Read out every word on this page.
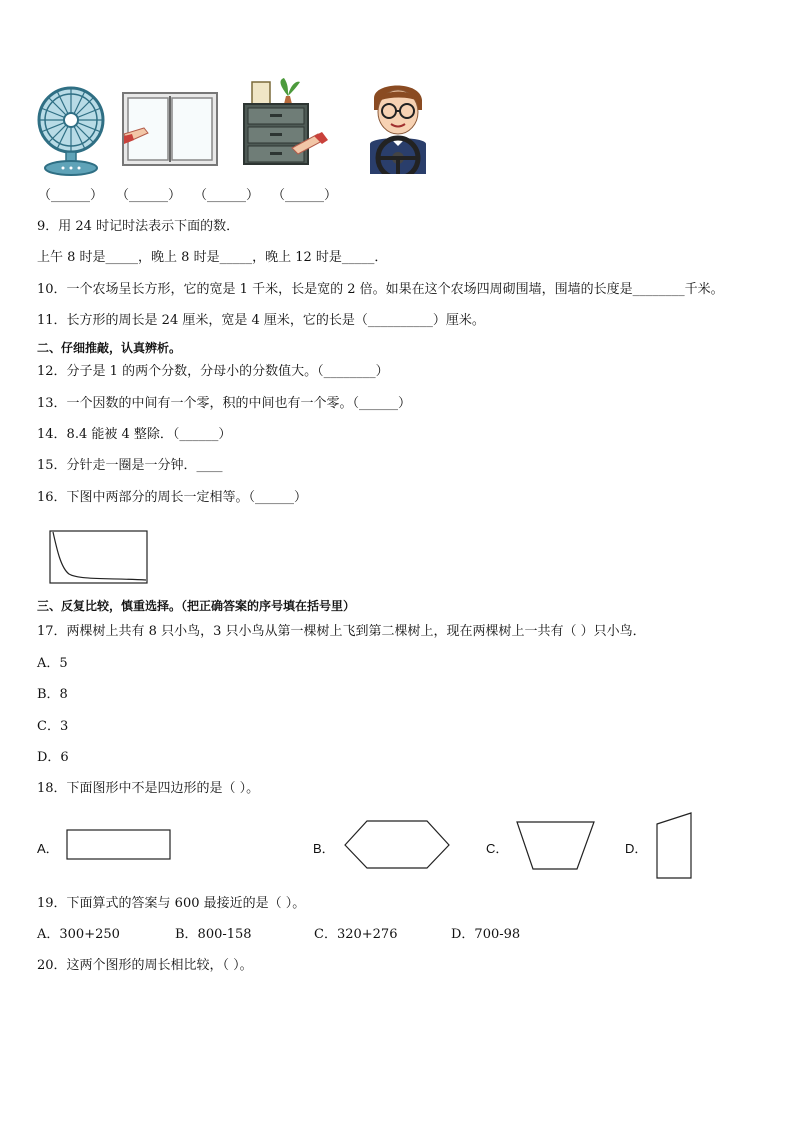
（______） （______） （______） （______）
9．用 24 时记时法表示下面的数．
上午 8 时是_____，晚上 8 时是_____，晚上 12 时是_____．
10．一个农场呈长方形，它的宽是 1 千米，长是宽的 2 倍。如果在这个农场四周砌围墙，围墙的长度是________千米。
11．长方形的周长是 24 厘米，宽是 4 厘米，它的长是（__________）厘米。
二、仔细推敲，认真辨析。
12．分子是 1 的两个分数，分母小的分数值大。（________）
13．一个因数的中间有一个零，积的中间也有一个零。（______）
14．8.4 能被 4 整除．（______）
15．分针走一圈是一分钟．____
16．下图中两部分的周长一定相等。（______）
三、反复比较，慎重选择。（把正确答案的序号填在括号里）
17．两棵树上共有 8 只小鸟，3 只小鸟从第一棵树上飞到第二棵树上，现在两棵树上一共有（ ）只小鸟．
A．5
B．8
C．3
D．6
18．下面图形中不是四边形的是（ ）。
A．	B．	C．	D．
19．下面算式的答案与 600 最接近的是（ ）。
A．300+250	B．800-158	C．320+276	D．700-98
20．这两个图形的周长相比较，（ ）。
